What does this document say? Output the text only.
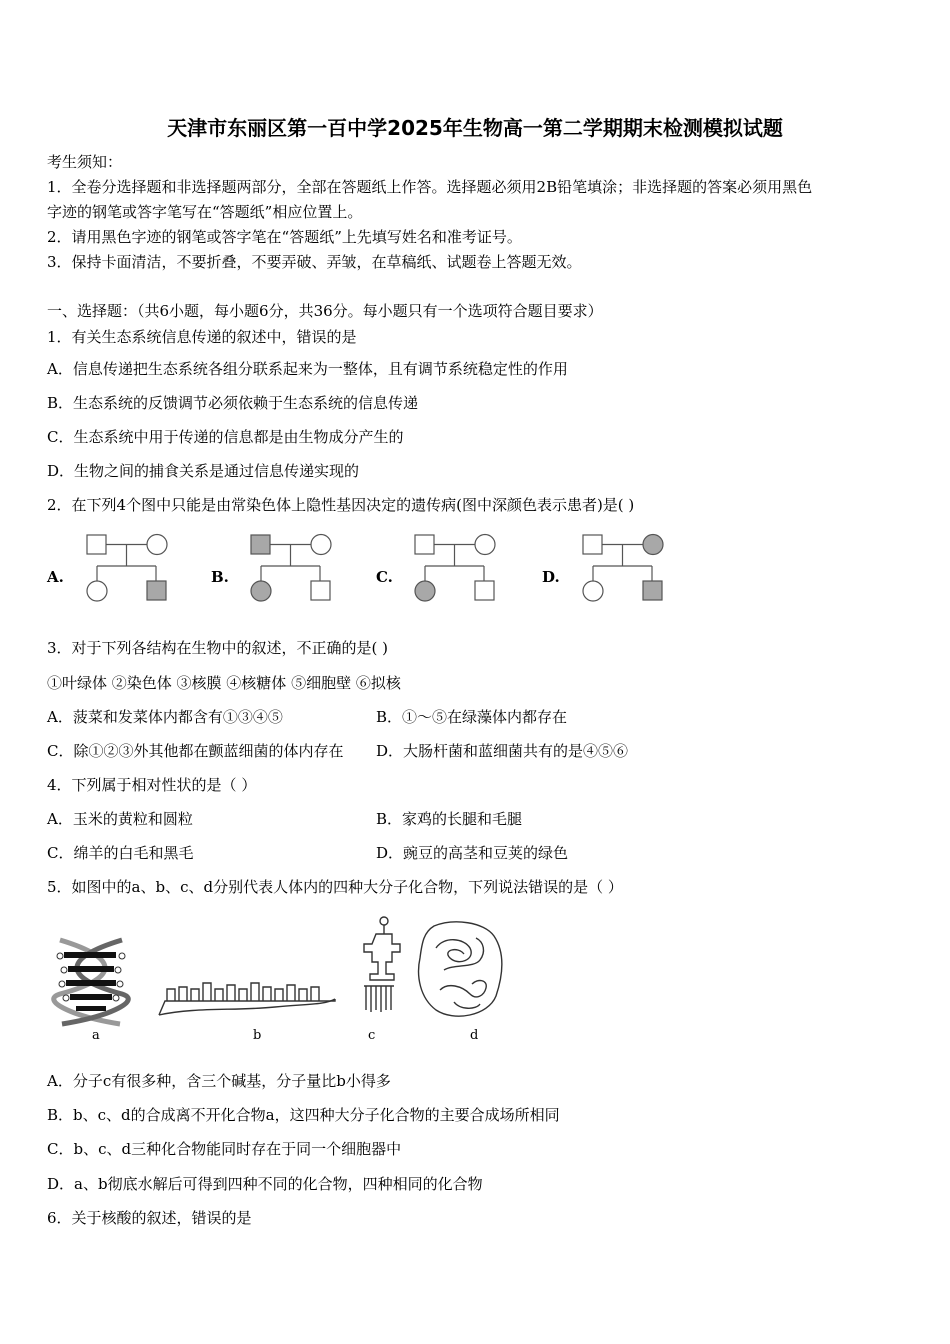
天津市东丽区第一百中学2025年生物高一第二学期期末检测模拟试题
考生须知：
1．全卷分选择题和非选择题两部分，全部在答题纸上作答。选择题必须用2B铅笔填涂；非选择题的答案必须用黑色
字迹的钢笔或答字笔写在“答题纸”相应位置上。
2．请用黑色字迹的钢笔或答字笔在“答题纸”上先填写姓名和准考证号。
3．保持卡面清洁，不要折叠，不要弄破、弄皱，在草稿纸、试题卷上答题无效。
一、选择题：（共6小题，每小题6分，共36分。每小题只有一个选项符合题目要求）
1．有关生态系统信息传递的叙述中，错误的是
A．信息传递把生态系统各组分联系起来为一整体，且有调节系统稳定性的作用
B．生态系统的反馈调节必须依赖于生态系统的信息传递
C．生态系统中用于传递的信息都是由生物成分产生的
D．生物之间的捕食关系是通过信息传递实现的
2．在下列4个图中只能是由常染色体上隐性基因决定的遗传病(图中深颜色表示患者)是( )
A.	B.	C.	D.
3．对于下列各结构在生物中的叙述，不正确的是( )
①叶绿体 ②染色体 ③核膜 ④核糖体 ⑤细胞壁 ⑥拟核
A．菠菜和发菜体内都含有①③④⑤	B．①～⑤在绿藻体内都存在
C．除①②③外其他都在颤蓝细菌的体内存在 D．大肠杆菌和蓝细菌共有的是④⑤⑥
4．下列属于相对性状的是（ ）
A．玉米的黄粒和圆粒	B．家鸡的长腿和毛腿
C．绵羊的白毛和黑毛	D．豌豆的高茎和豆荚的绿色
5．如图中的a、b、c、d分别代表人体内的四种大分子化合物，下列说法错误的是（ ）
a	b	c	d
A．分子c有很多种，含三个碱基，分子量比b小得多
B．b、c、d的合成离不开化合物a，这四种大分子化合物的主要合成场所相同
C．b、c、d三种化合物能同时存在于同一个细胞器中
D．a、b彻底水解后可得到四种不同的化合物，四种相同的化合物
6．关于核酸的叙述，错误的是
